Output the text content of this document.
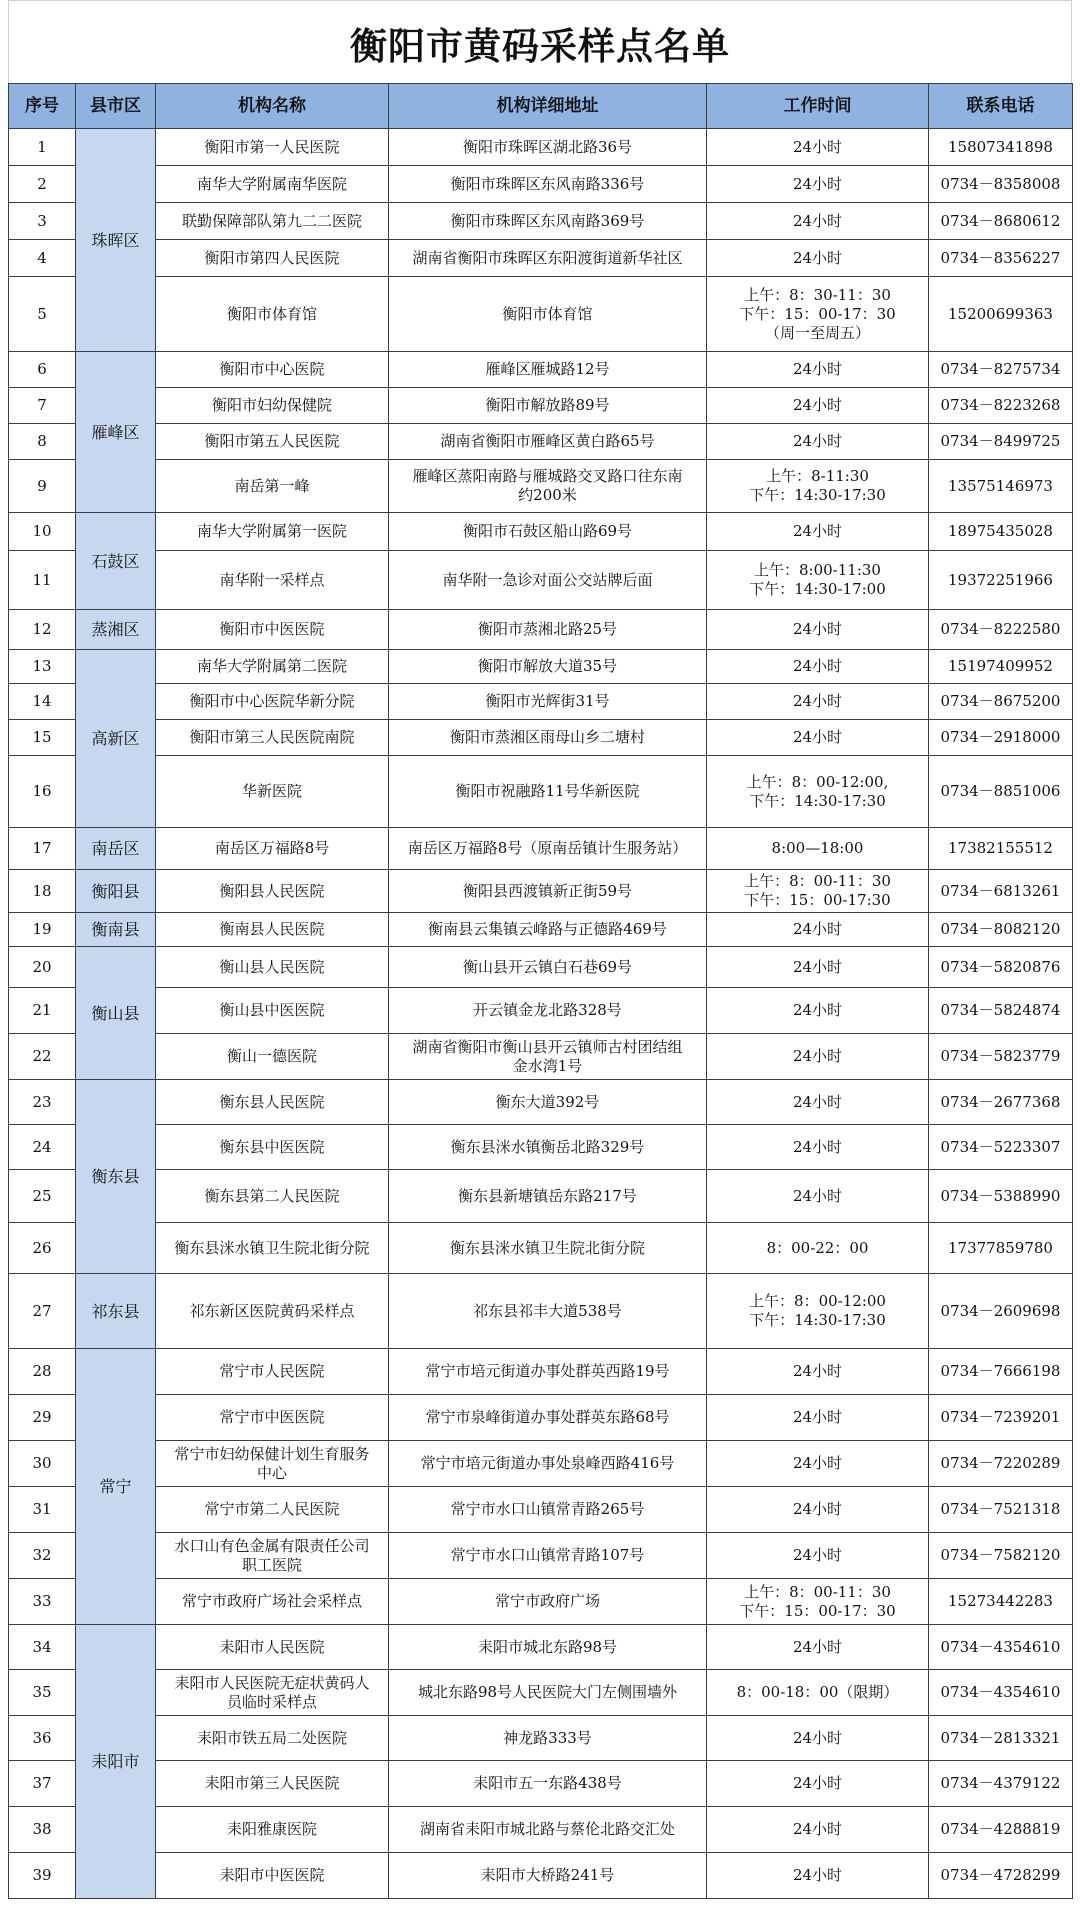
衡阳市黄码采样点名单
序号	县市区	机构名称	机构详细地址	工作时间	联系电话
1	珠晖区	衡阳市第一人民医院	衡阳市珠晖区湖北路36号	24小时	15807341898
2		南华大学附属南华医院	衡阳市珠晖区东风南路336号	24小时	0734－8358008
3		联勤保障部队第九二二医院	衡阳市珠晖区东风南路369号	24小时	0734－8680612
4		衡阳市第四人民医院	湖南省衡阳市珠晖区东阳渡街道新华社区	24小时	0734－8356227
5		衡阳市体育馆	衡阳市体育馆	上午：8：30-11：30
下午：15：00-17：30
（周一至周五）	15200699363
6	雁峰区	衡阳市中心医院	雁峰区雁城路12号	24小时	0734－8275734
7		衡阳市妇幼保健院	衡阳市解放路89号	24小时	0734－8223268
8		衡阳市第五人民医院	湖南省衡阳市雁峰区黄白路65号	24小时	0734－8499725
9		南岳第一峰	雁峰区蒸阳南路与雁城路交叉路口往东南
约200米	上午：8-11:30
下午：14:30-17:30	13575146973
10	石鼓区	南华大学附属第一医院	衡阳市石鼓区船山路69号	24小时	18975435028
11		南华附一采样点	南华附一急诊对面公交站牌后面	上午：8:00-11:30
下午：14:30-17:00	19372251966
12	蒸湘区	衡阳市中医医院	衡阳市蒸湘北路25号	24小时	0734－8222580
13	高新区	南华大学附属第二医院	衡阳市解放大道35号	24小时	15197409952
14		衡阳市中心医院华新分院	衡阳市光辉街31号	24小时	0734－8675200
15		衡阳市第三人民医院南院	衡阳市蒸湘区雨母山乡二塘村	24小时	0734－2918000
16		华新医院	衡阳市祝融路11号华新医院	上午：8：00-12:00,
下午：14:30-17:30	0734－8851006
17	南岳区	南岳区万福路8号	南岳区万福路8号（原南岳镇计生服务站）	8:00—18:00	17382155512
18	衡阳县	衡阳县人民医院	衡阳县西渡镇新正街59号	上午：8：00-11：30
下午：15：00-17:30	0734－6813261
19	衡南县	衡南县人民医院	衡南县云集镇云峰路与正德路469号	24小时	0734－8082120
20	衡山县	衡山县人民医院	衡山县开云镇白石巷69号	24小时	0734－5820876
21		衡山县中医医院	开云镇金龙北路328号	24小时	0734－5824874
22		衡山一德医院	湖南省衡阳市衡山县开云镇师古村团结组
金水湾1号	24小时	0734－5823779
23	衡东县	衡东县人民医院	衡东大道392号	24小时	0734－2677368
24		衡东县中医医院	衡东县洣水镇衡岳北路329号	24小时	0734－5223307
25		衡东县第二人民医院	衡东县新塘镇岳东路217号	24小时	0734－5388990
26		衡东县洣水镇卫生院北街分院	衡东县洣水镇卫生院北街分院	8：00-22：00	17377859780
27	祁东县	祁东新区医院黄码采样点	祁东县祁丰大道538号	上午：8：00-12:00
下午：14:30-17:30	0734－2609698
28	常宁	常宁市人民医院	常宁市培元街道办事处群英西路19号	24小时	0734－7666198
29		常宁市中医医院	常宁市泉峰街道办事处群英东路68号	24小时	0734－7239201
30		常宁市妇幼保健计划生育服务
中心	常宁市培元街道办事处泉峰西路416号	24小时	0734－7220289
31		常宁市第二人民医院	常宁市水口山镇常青路265号	24小时	0734－7521318
32		水口山有色金属有限责任公司
职工医院	常宁市水口山镇常青路107号	24小时	0734－7582120
33		常宁市政府广场社会采样点	常宁市政府广场	上午：8：00-11：30
下午：15：00-17：30	15273442283
34	耒阳市	耒阳市人民医院	耒阳市城北东路98号	24小时	0734－4354610
35		耒阳市人民医院无症状黄码人
员临时采样点	城北东路98号人民医院大门左侧围墙外	8：00-18：00（限期）	0734－4354610
36		耒阳市铁五局二处医院	神龙路333号	24小时	0734－2813321
37		耒阳市第三人民医院	耒阳市五一东路438号	24小时	0734－4379122
38		耒阳雅康医院	湖南省耒阳市城北路与蔡伦北路交汇处	24小时	0734－4288819
39		耒阳市中医医院	耒阳市大桥路241号	24小时	0734－4728299
